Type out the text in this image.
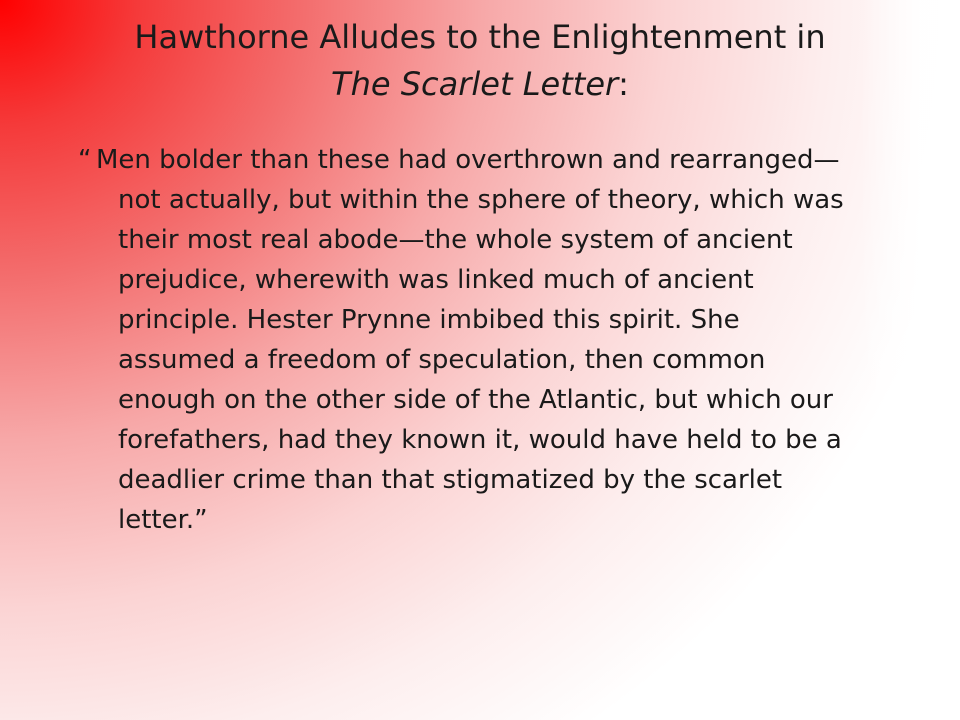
Hawthorne Alludes to the Enlightenment in
The Scarlet Letter:
“ Men bolder than these had overthrown and rearranged—not actually, but within the sphere of theory, which was their most real abode—the whole system of ancient prejudice, wherewith was linked much of ancient principle. Hester Prynne imbibed this spirit. She assumed a freedom of speculation, then common enough on the other side of the Atlantic, but which our forefathers, had they known it, would have held to be a deadlier crime than that stigmatized by the scarlet letter.”
